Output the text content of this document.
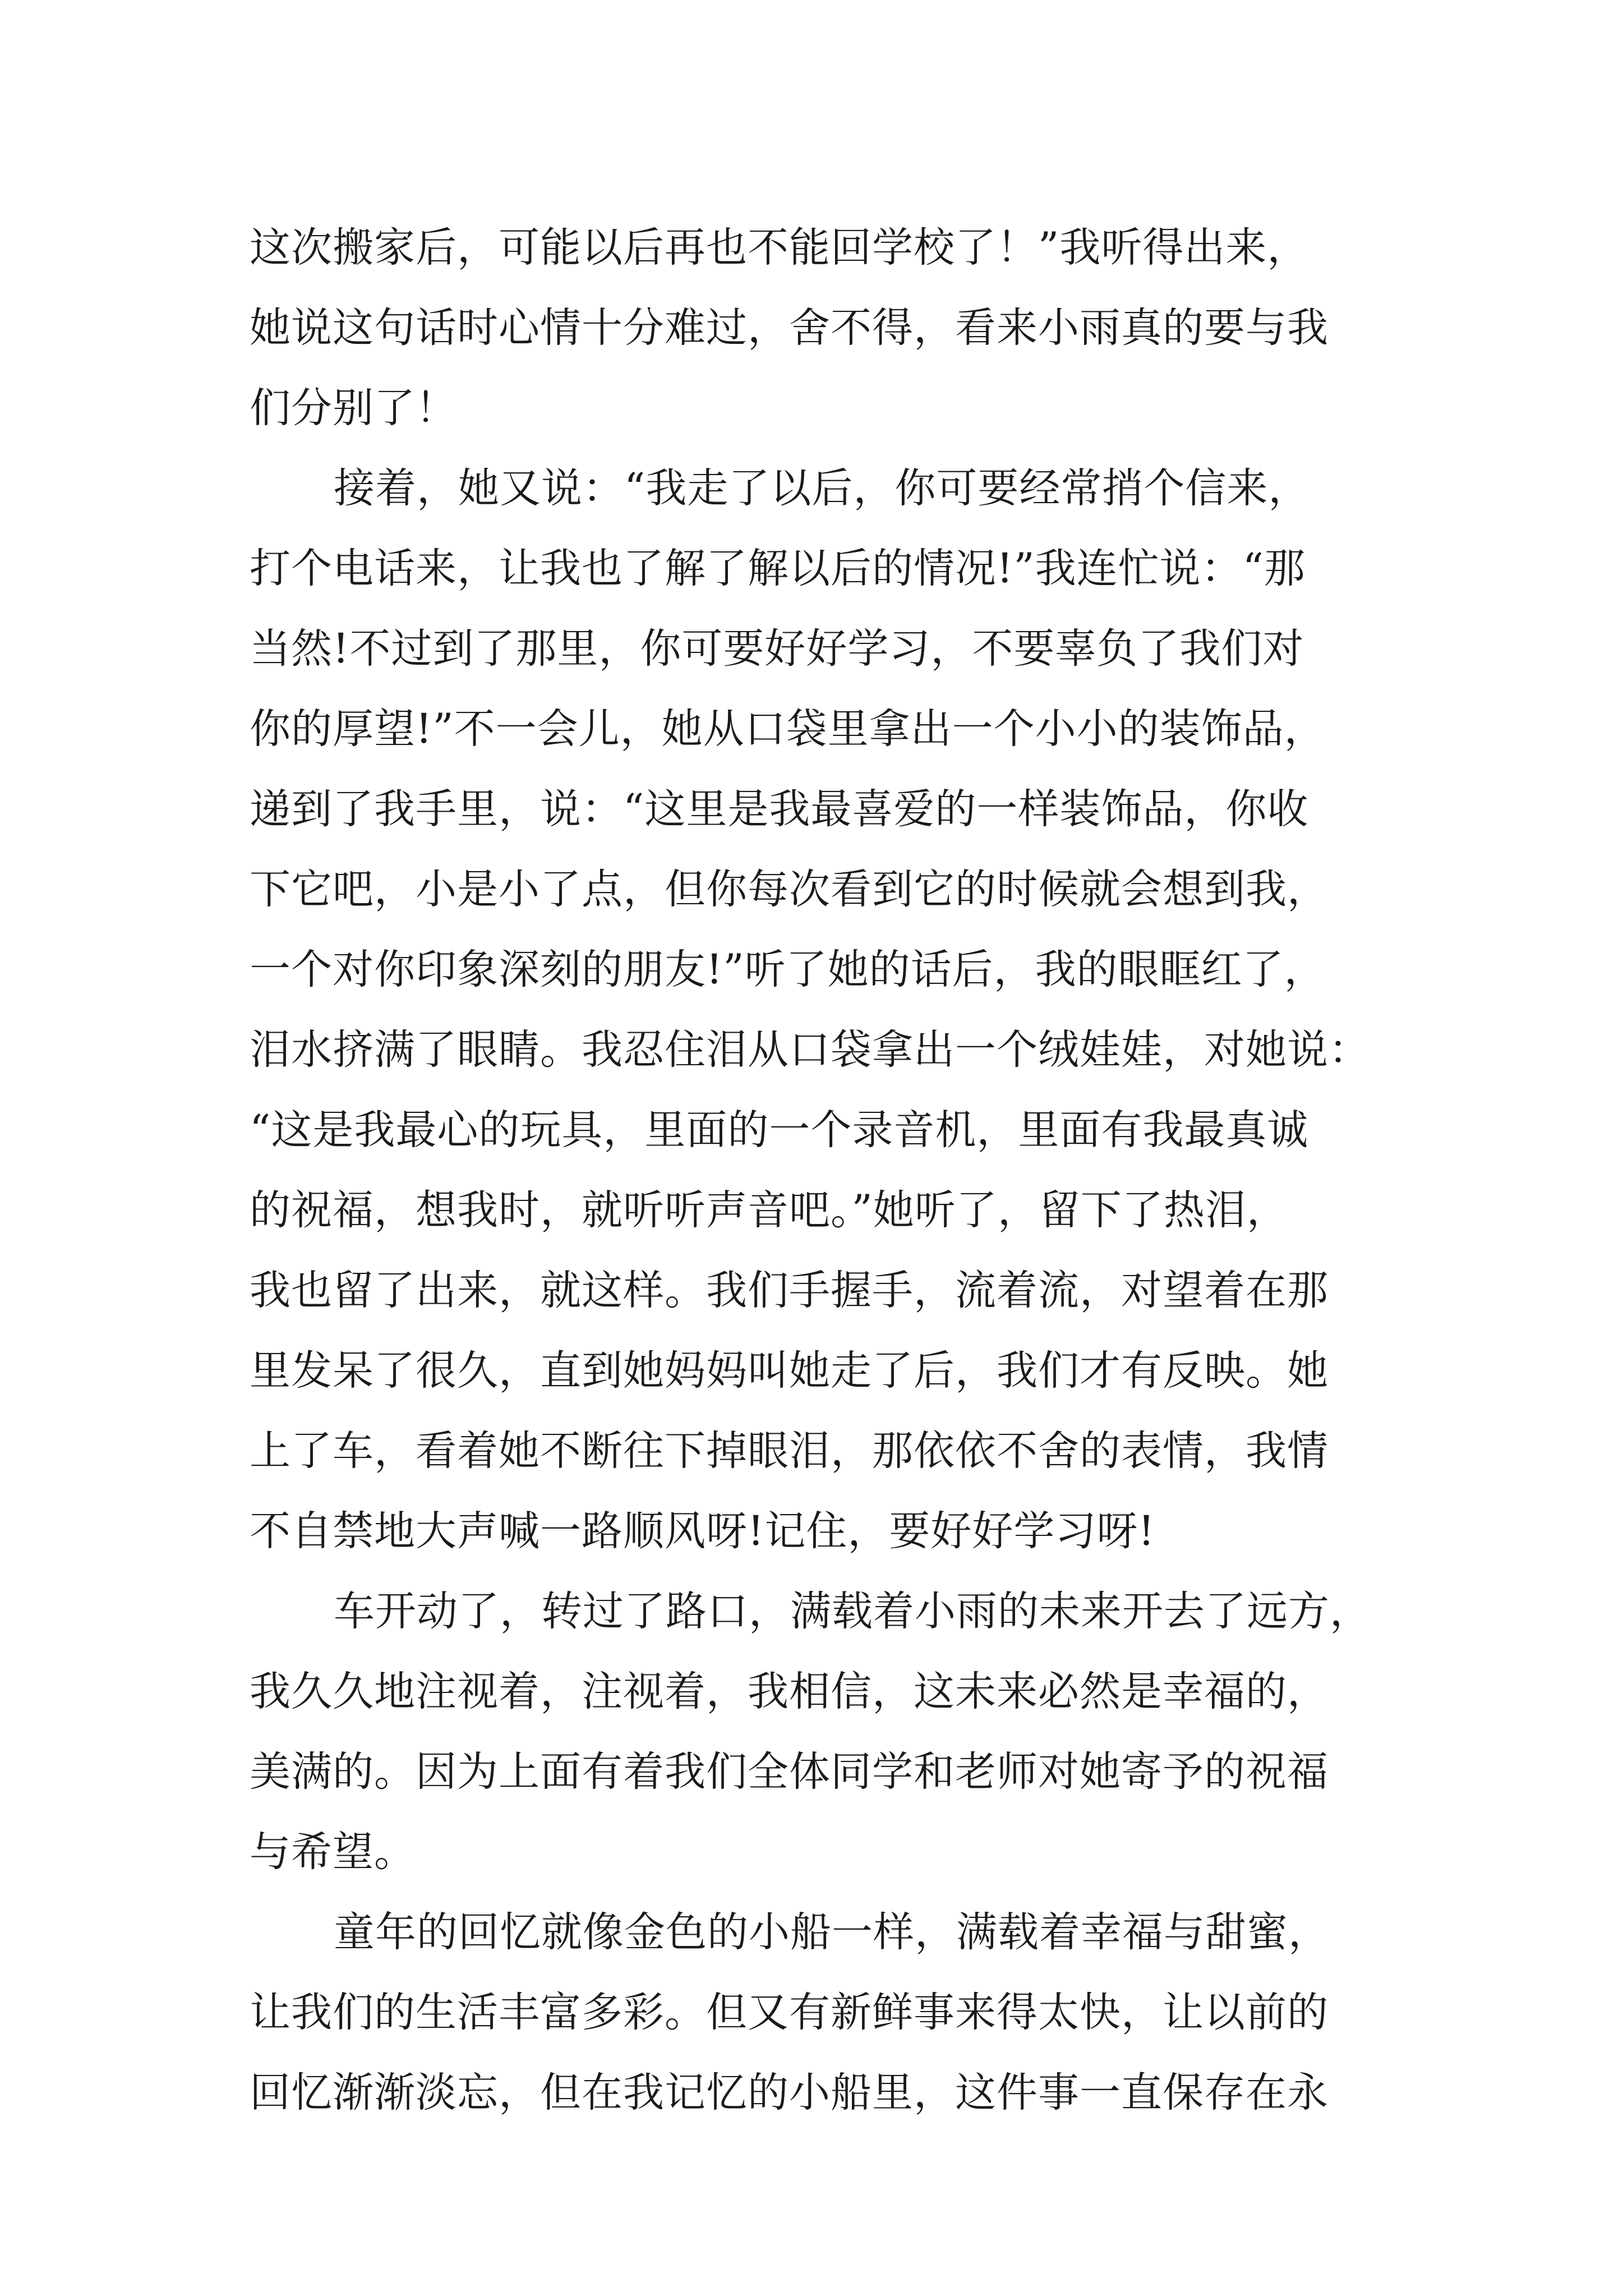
这次搬家后，可能以后再也不能回学校了！”我听得出来，
她说这句话时心情十分难过，舍不得，看来小雨真的要与我
们分别了！
接着，她又说：“我走了以后，你可要经常捎个信来，
打个电话来，让我也了解了解以后的情况!”我连忙说：“那
当然!不过到了那里，你可要好好学习，不要辜负了我们对
你的厚望!”不一会儿，她从口袋里拿出一个小小的装饰品，
递到了我手里，说：“这里是我最喜爱的一样装饰品，你收
下它吧，小是小了点，但你每次看到它的时候就会想到我，
一个对你印象深刻的朋友!”听了她的话后，我的眼眶红了，
泪水挤满了眼睛。我忍住泪从口袋拿出一个绒娃娃，对她说：
“这是我最心的玩具，里面的一个录音机，里面有我最真诚
的祝福，想我时，就听听声音吧。”她听了，留下了热泪，
我也留了出来，就这样。我们手握手，流着流，对望着在那
里发呆了很久，直到她妈妈叫她走了后，我们才有反映。她
上了车，看着她不断往下掉眼泪，那依依不舍的表情，我情
不自禁地大声喊一路顺风呀!记住，要好好学习呀!
车开动了，转过了路口，满载着小雨的未来开去了远方，
我久久地注视着，注视着，我相信，这未来必然是幸福的，
美满的。因为上面有着我们全体同学和老师对她寄予的祝福
与希望。
童年的回忆就像金色的小船一样，满载着幸福与甜蜜，
让我们的生活丰富多彩。但又有新鲜事来得太快，让以前的
回忆渐渐淡忘，但在我记忆的小船里，这件事一直保存在永
